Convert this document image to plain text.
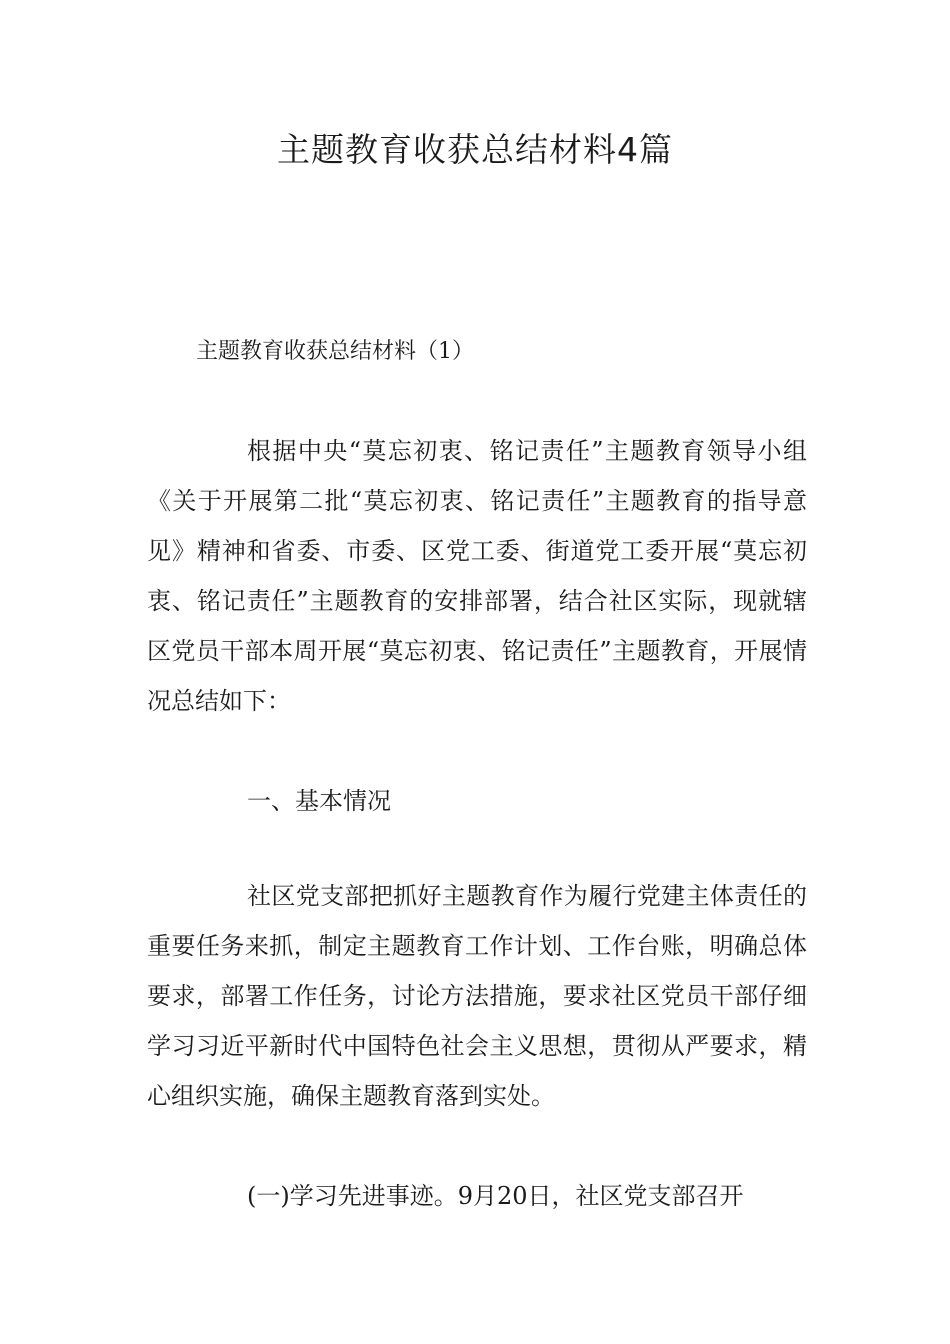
主题教育收获总结材料4篇

主题教育收获总结材料（1）

根据中央“莫忘初衷、铭记责任”主题教育领导小组《关于开展第二批“莫忘初衷、铭记责任”主题教育的指导意见》精神和省委、市委、区党工委、街道党工委开展“莫忘初衷、铭记责任”主题教育的安排部署，结合社区实际，现就辖区党员干部本周开展“莫忘初衷、铭记责任”主题教育，开展情况总结如下：

一、基本情况

社区党支部把抓好主题教育作为履行党建主体责任的重要任务来抓，制定主题教育工作计划、工作台账，明确总体要求，部署工作任务，讨论方法措施，要求社区党员干部仔细学习习近平新时代中国特色社会主义思想，贯彻从严要求，精心组织实施，确保主题教育落到实处。

(一)学习先进事迹。9月20日，社区党支部召开
